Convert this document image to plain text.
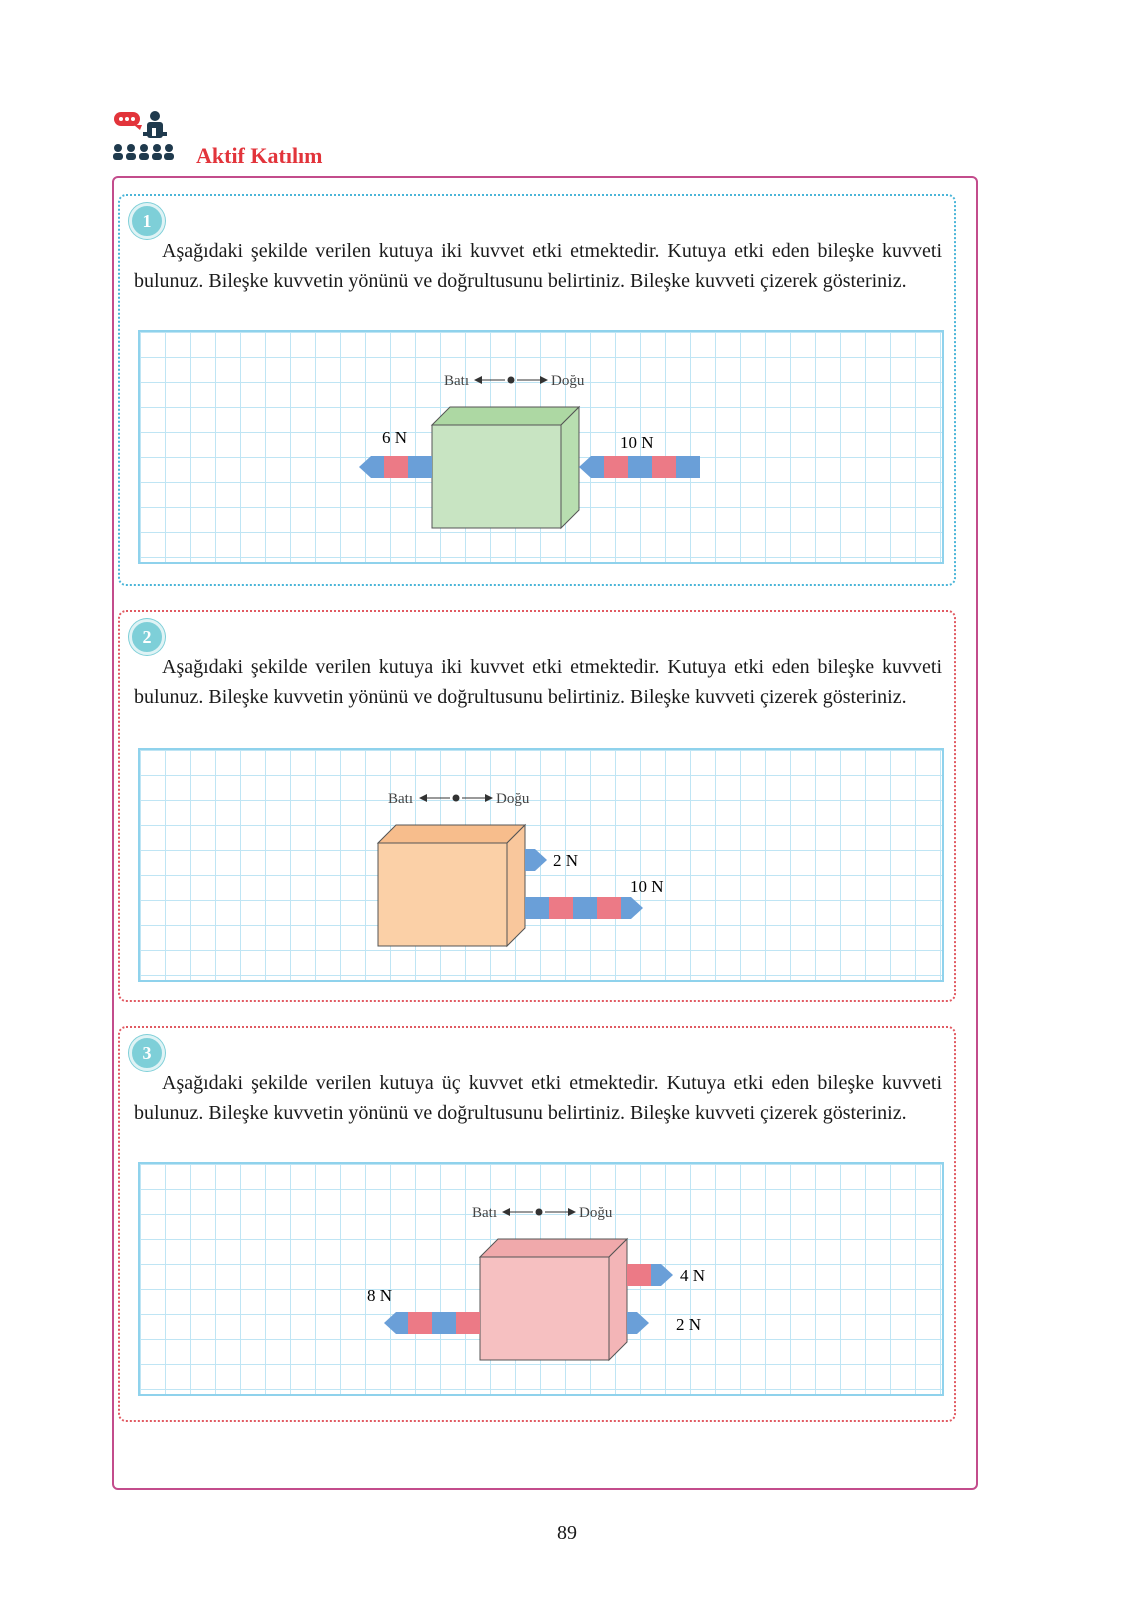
Aktif Katılım
1

Aşağıdaki şekilde verilen kutuya iki kuvvet etki etmektedir. Kutuya etki eden bileşke kuvveti bulunuz. Bileşke kuvvetin yönünü ve doğrultusunu belirtiniz. Bileşke kuvveti çizerek gösteriniz.

Batı	Doğu
6 N	10 N
2

Aşağıdaki şekilde verilen kutuya iki kuvvet etki etmektedir. Kutuya etki eden bileşke kuvveti bulunuz. Bileşke kuvvetin yönünü ve doğrultusunu belirtiniz. Bileşke kuvveti çizerek gösteriniz.

Batı	Doğu
2 N
10 N
3

Aşağıdaki şekilde verilen kutuya üç kuvvet etki etmektedir. Kutuya etki eden bileşke kuvveti bulunuz. Bileşke kuvvetin yönünü ve doğrultusunu belirtiniz. Bileşke kuvveti çizerek gösteriniz.

Batı	Doğu
4 N
8 N
2 N
89
